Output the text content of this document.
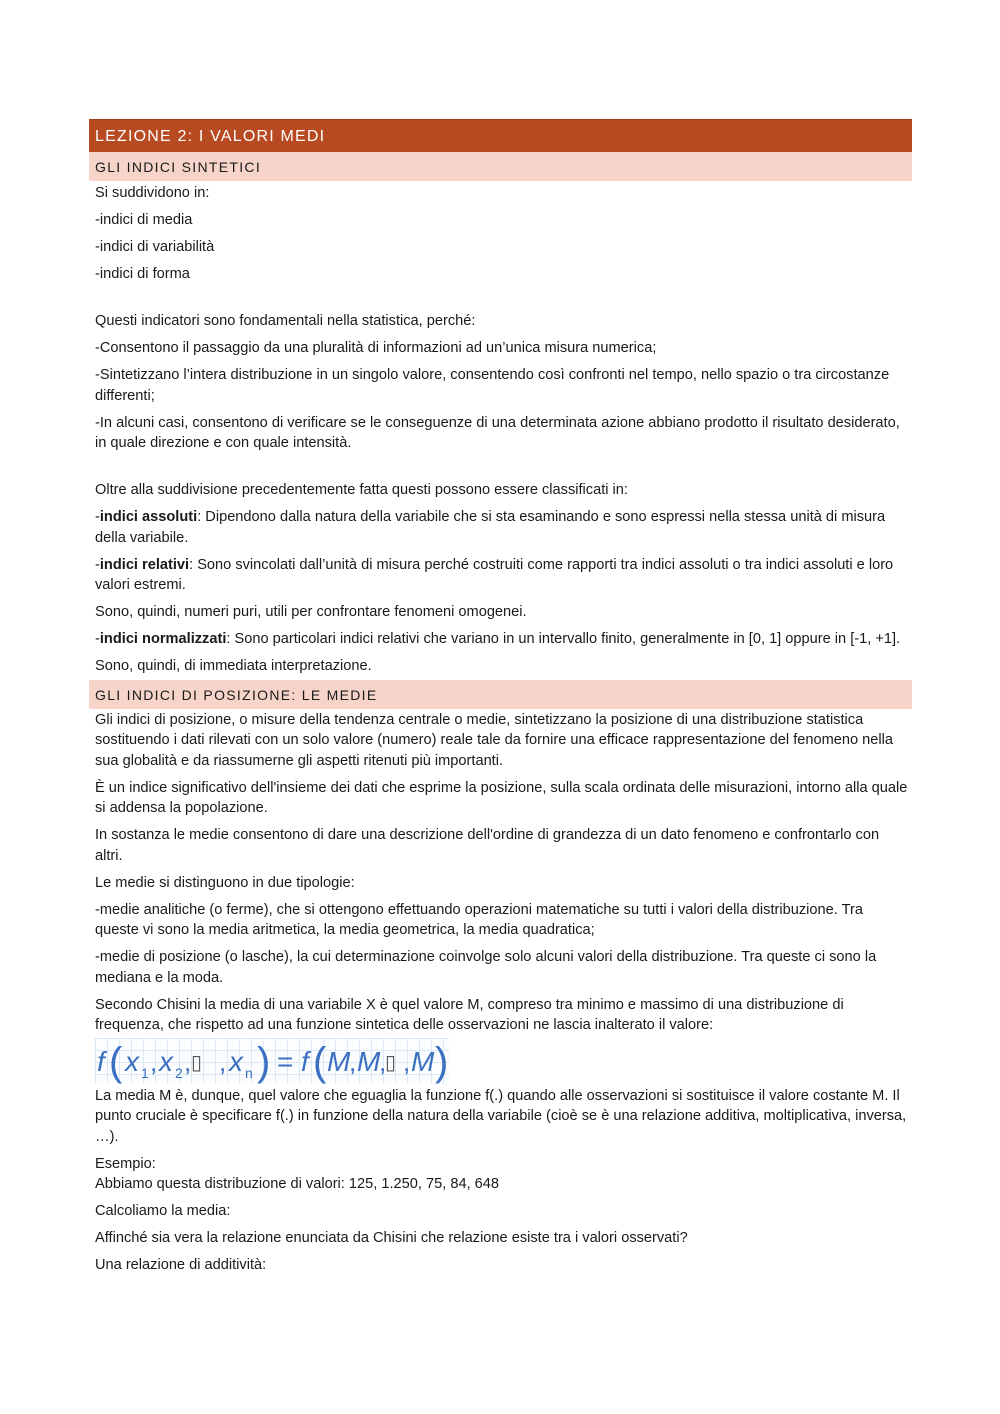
LEZIONE 2: I VALORI MEDI
GLI INDICI SINTETICI
Si suddividono in:
-indici di media
-indici di variabilità
-indici di forma
Questi indicatori sono fondamentali nella statistica, perché:
-Consentono il passaggio da una pluralità di informazioni ad un’unica misura numerica;
-Sintetizzano l’intera distribuzione in un singolo valore, consentendo così confronti nel tempo, nello spazio o tra circostanze differenti;
-In alcuni casi, consentono di verificare se le conseguenze di una determinata azione abbiano prodotto il risultato desiderato, in quale direzione e con quale intensità.
Oltre alla suddivisione precedentemente fatta questi possono essere classificati in:
-indici assoluti: Dipendono dalla natura della variabile che si sta esaminando e sono espressi nella stessa unità di misura della variabile.
-indici relativi: Sono svincolati dall’unità di misura perché costruiti come rapporti tra indici assoluti o tra indici assoluti e loro valori estremi.
Sono, quindi, numeri puri, utili per confrontare fenomeni omogenei.
-indici normalizzati: Sono particolari indici relativi che variano in un intervallo finito, generalmente in [0, 1] oppure in [-1, +1].
Sono, quindi, di immediata interpretazione.
GLI INDICI DI POSIZIONE: LE MEDIE
Gli indici di posizione, o misure della tendenza centrale o medie, sintetizzano la posizione di una distribuzione statistica sostituendo i dati rilevati con un solo valore (numero) reale tale da fornire una efficace rappresentazione del fenomeno nella sua globalità e da riassumerne gli aspetti ritenuti più importanti.
È un indice significativo dell'insieme dei dati che esprime la posizione, sulla scala ordinata delle misurazioni, intorno alla quale si addensa la popolazione.
In sostanza le medie consentono di dare una descrizione dell'ordine di grandezza di un dato fenomeno e confrontarlo con altri.
Le medie si distinguono in due tipologie:
-medie analitiche (o ferme), che si ottengono effettuando operazioni matematiche su tutti i valori della distribuzione. Tra queste vi sono la media aritmetica, la media geometrica, la media quadratica;
-medie di posizione (o lasche), la cui determinazione coinvolge solo alcuni valori della distribuzione. Tra queste ci sono la mediana e la moda.
Secondo Chisini la media di una variabile X è quel valore M, compreso tra minimo e massimo di una distribuzione di frequenza, che rispetto ad una funzione sintetica delle osservazioni ne lascia inalterato il valore:
f ( x 1 , x 2 , ▯ , x n ) = f ( M
, M
,
▯ , M )
La media M è, dunque, quel valore che eguaglia la funzione f(.) quando alle osservazioni si sostituisce il valore costante M. Il punto cruciale è specificare f(.) in funzione della natura della variabile (cioè se è una relazione additiva, moltiplicativa, inversa, …).
Esempio:
Abbiamo questa distribuzione di valori: 125, 1.250, 75, 84, 648
Calcoliamo la media:
Affinché sia vera la relazione enunciata da Chisini che relazione esiste tra i valori osservati?
Una relazione di additività:
